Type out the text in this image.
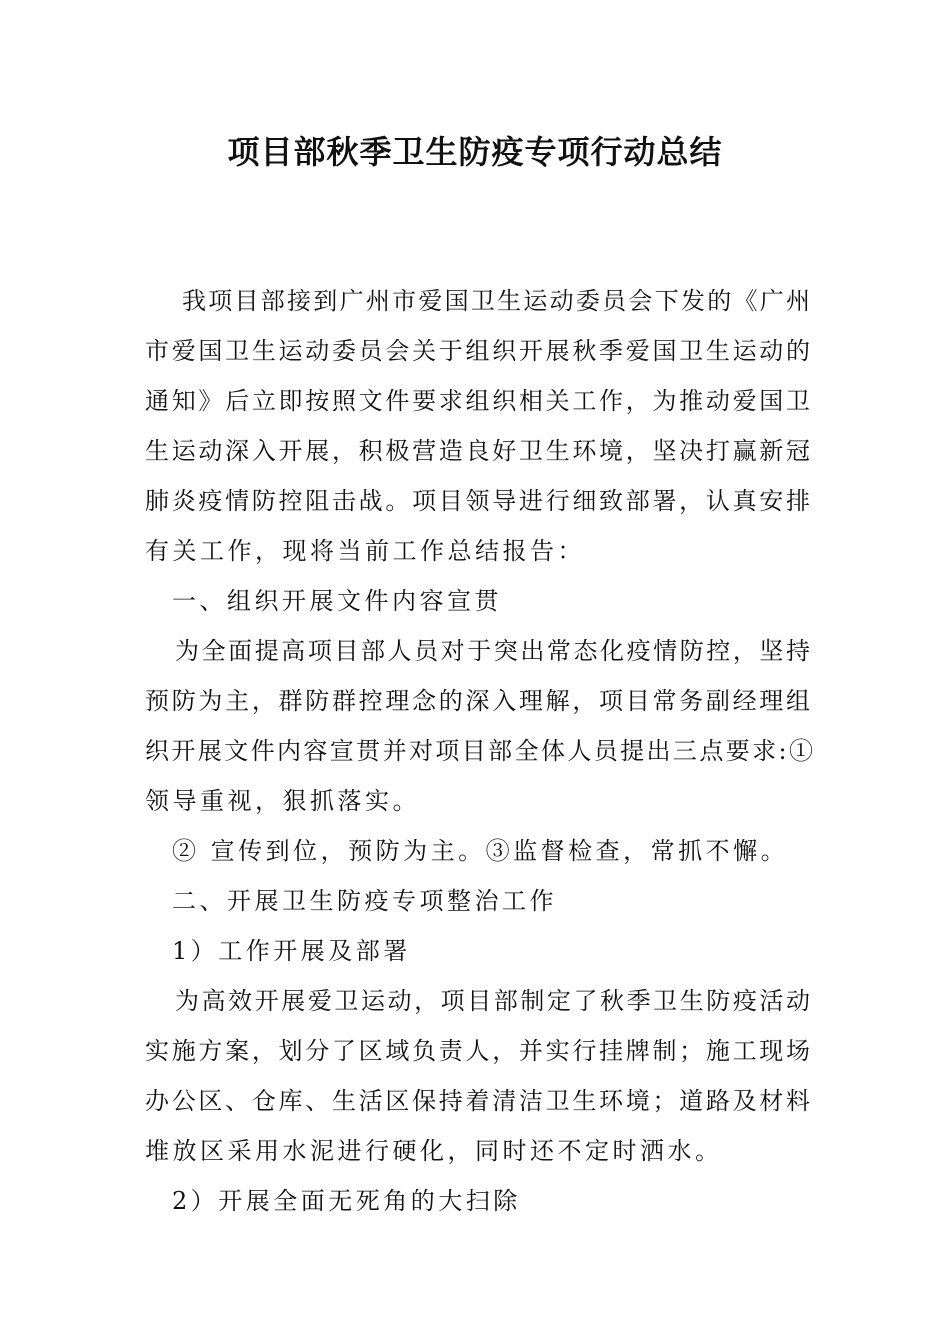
项目部秋季卫生防疫专项行动总结
我项目部接到广州市爱国卫生运动委员会下发的《广州
市爱国卫生运动委员会关于组织开展秋季爱国卫生运动的
通知》后立即按照文件要求组织相关工作，为推动爱国卫
生运动深入开展，积极营造良好卫生环境，坚决打赢新冠
肺炎疫情防控阻击战。项目领导进行细致部署，认真安排
有关工作，现将当前工作总结报告：
一、组织开展文件内容宣贯
为全面提高项目部人员对于突出常态化疫情防控，坚持
预防为主，群防群控理念的深入理解，项目常务副经理组
织开展文件内容宣贯并对项目部全体人员提出三点要求:①
领导重视，狠抓落实。
② 宣传到位，预防为主。③监督检查，常抓不懈。
二、开展卫生防疫专项整治工作
1）工作开展及部署
为高效开展爱卫运动，项目部制定了秋季卫生防疫活动
实施方案，划分了区域负责人，并实行挂牌制；施工现场
办公区、仓库、生活区保持着清洁卫生环境；道路及材料
堆放区采用水泥进行硬化，同时还不定时洒水。
2）开展全面无死角的大扫除
